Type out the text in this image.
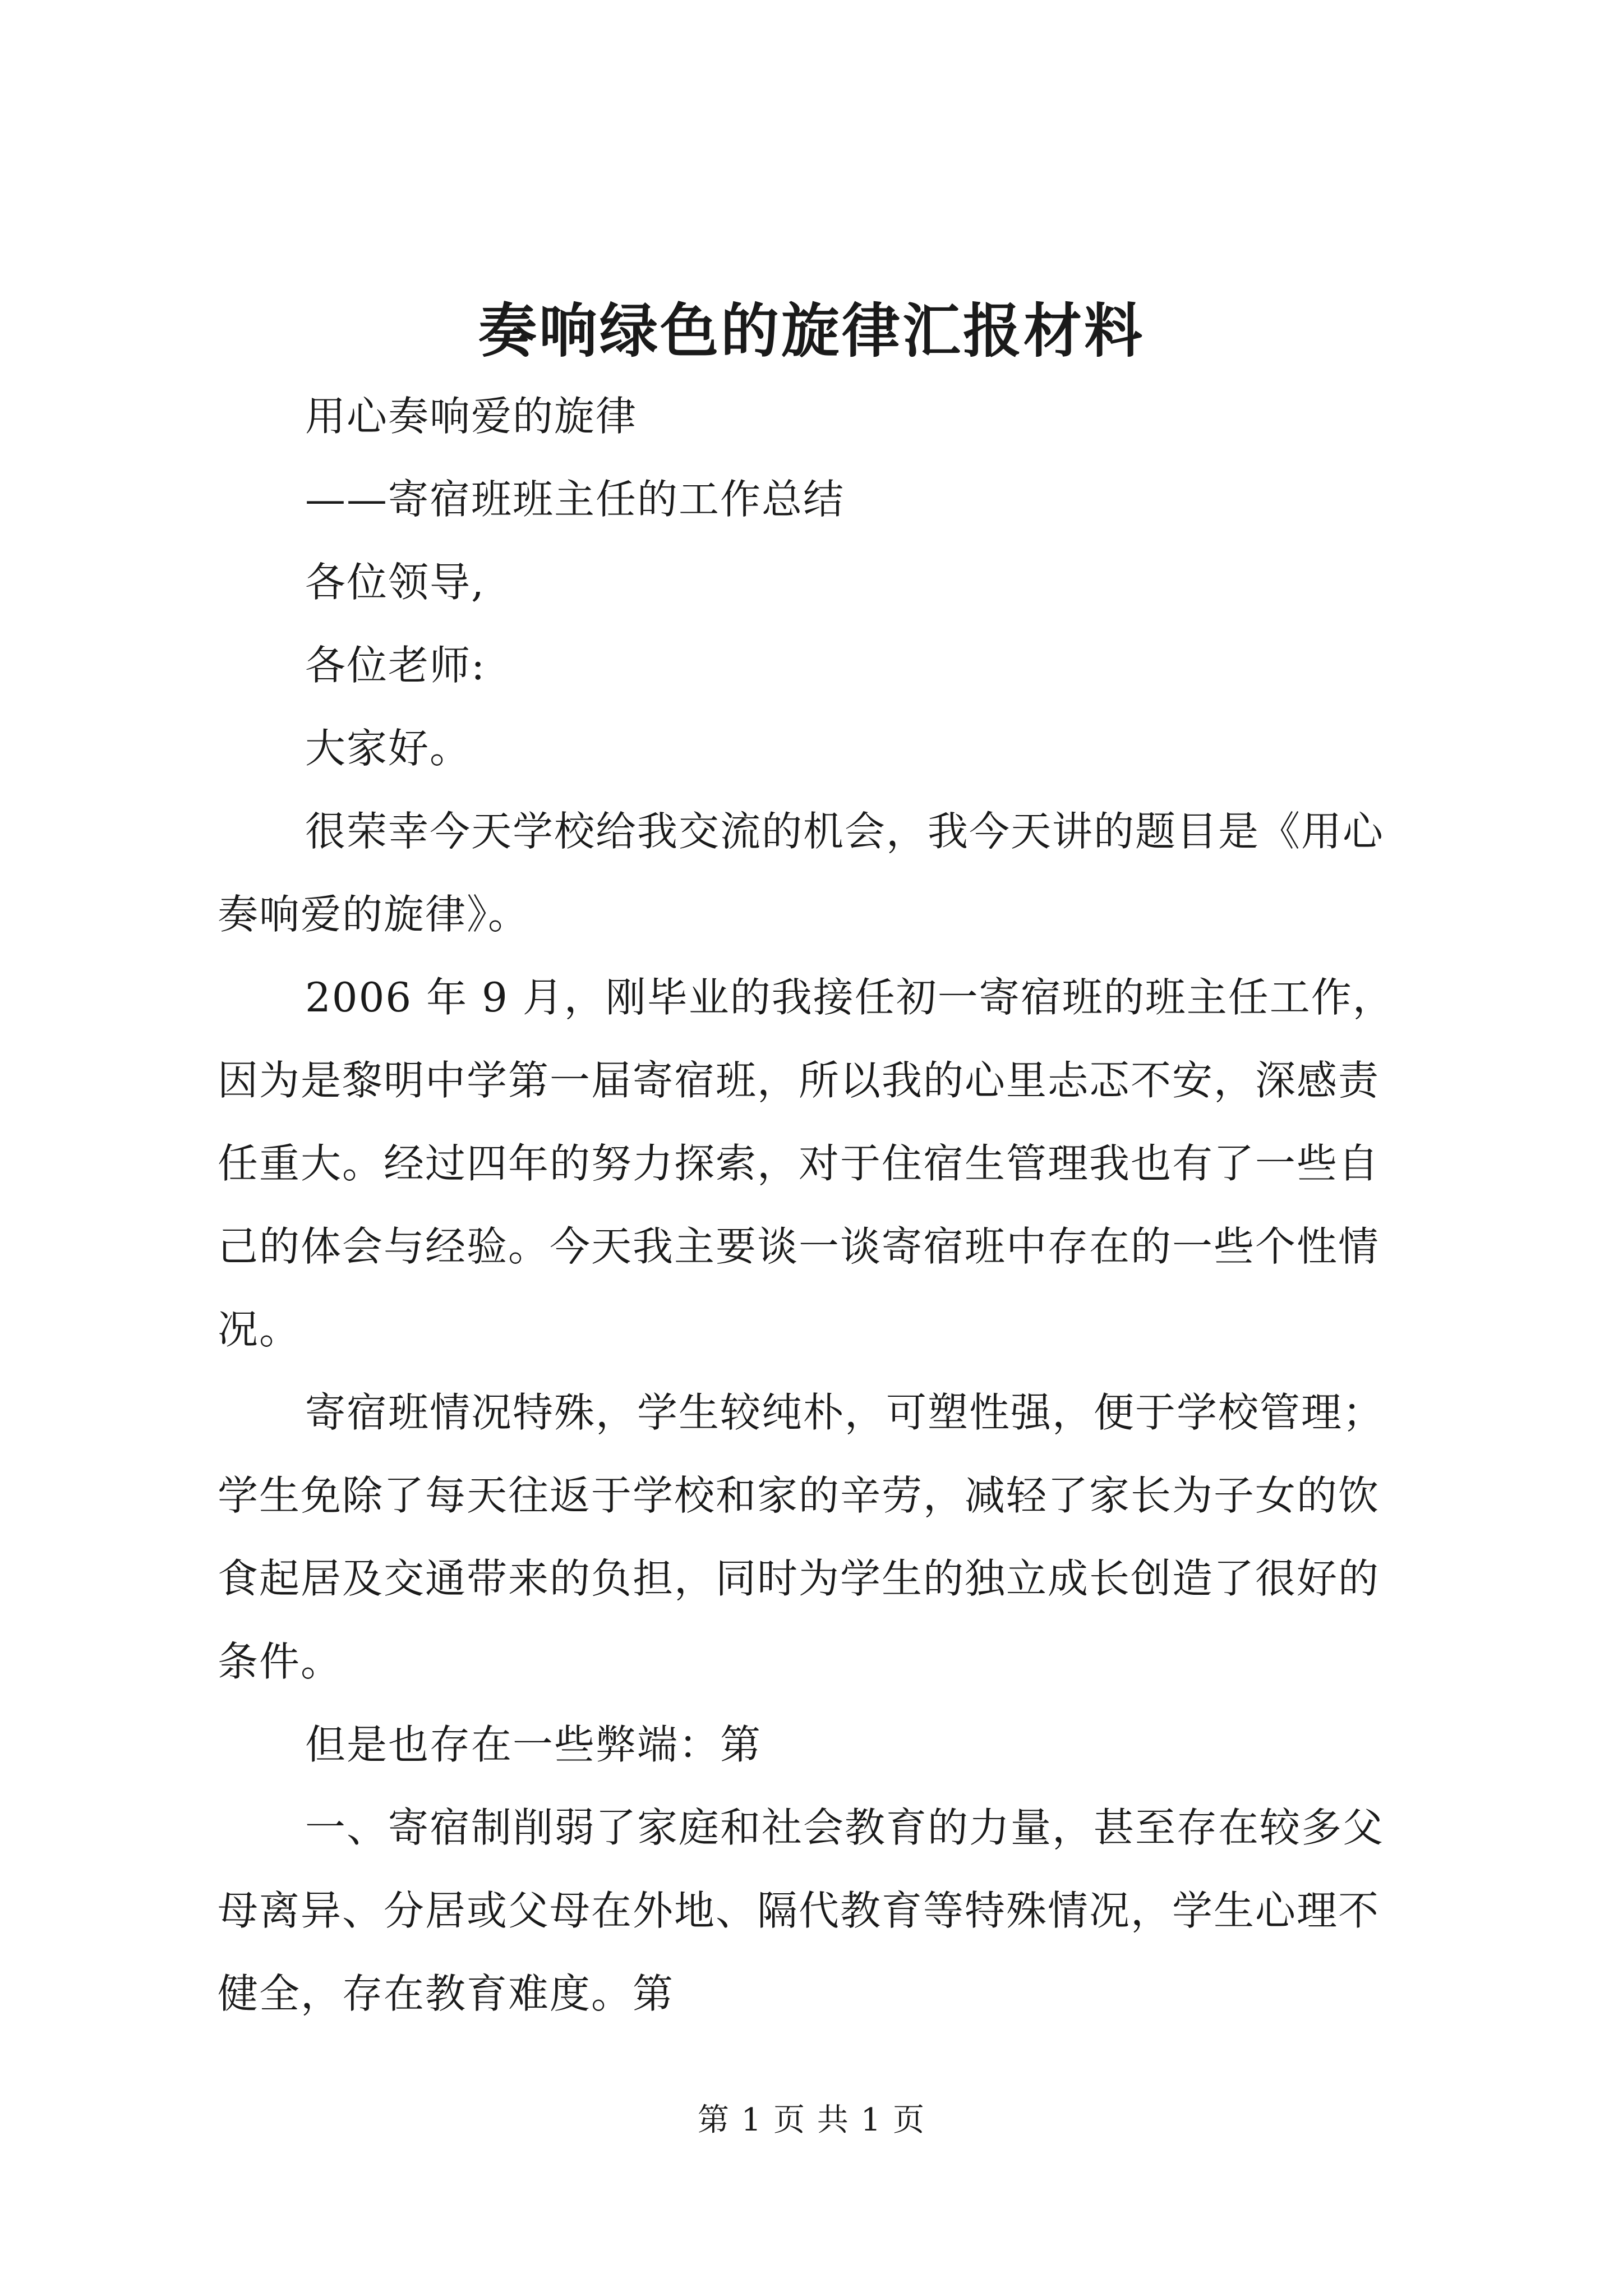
奏响绿色的旋律汇报材料
用心奏响爱的旋律
——寄宿班班主任的工作总结
各位领导,
各位老师:
大家好。
很荣幸今天学校给我交流的机会，我今天讲的题目是《用心
奏响爱的旋律》。
2006 年 9 月，刚毕业的我接任初一寄宿班的班主任工作，
因为是黎明中学第一届寄宿班，所以我的心里忐忑不安，深感责
任重大。经过四年的努力探索，对于住宿生管理我也有了一些自
己的体会与经验。今天我主要谈一谈寄宿班中存在的一些个性情
况。
寄宿班情况特殊，学生较纯朴，可塑性强，便于学校管理；
学生免除了每天往返于学校和家的辛劳，减轻了家长为子女的饮
食起居及交通带来的负担，同时为学生的独立成长创造了很好的
条件。
但是也存在一些弊端：第
一、寄宿制削弱了家庭和社会教育的力量，甚至存在较多父
母离异、分居或父母在外地、隔代教育等特殊情况，学生心理不
健全，存在教育难度。第
第 1 页 共 1 页
